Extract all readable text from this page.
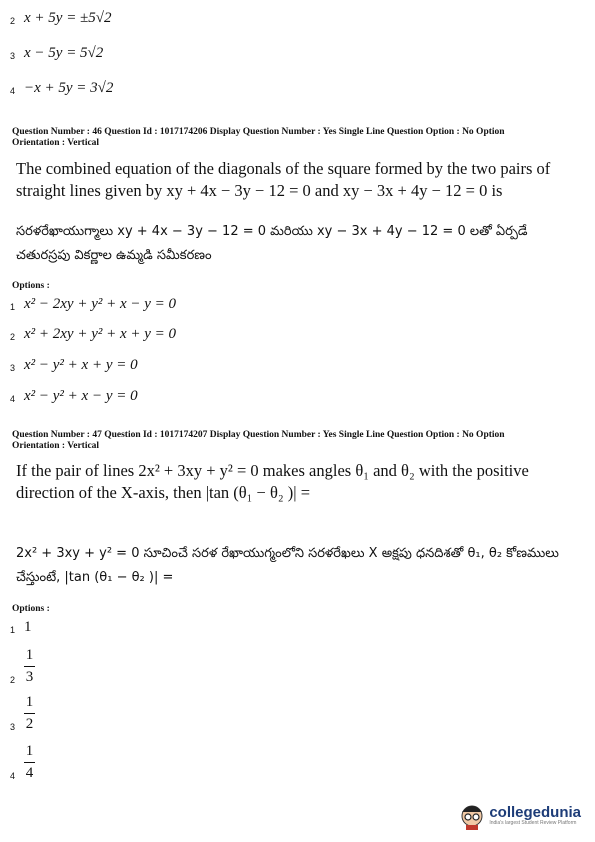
2 x + 5y = ±5√2
3 x − 5y = 5√2
4 −x + 5y = 3√2
Question Number : 46 Question Id : 1017174206 Display Question Number : Yes Single Line Question Option : No Option
Orientation : Vertical
The combined equation of the diagonals of the square formed by the two pairs of straight lines given by xy + 4x − 3y − 12 = 0 and xy − 3x + 4y − 12 = 0 is
సరళరేఖాయుగ్మాలు xy + 4x − 3y − 12 = 0 మరియు xy − 3x + 4y − 12 = 0 లతో ఏర్పడే చతురస్రపు వికర్ణాల ఉమ్మడి సమీకరణం
Options :
1 x² − 2xy + y² + x − y = 0
2 x² + 2xy + y² + x + y = 0
3 x² − y² + x + y = 0
4 x² − y² + x − y = 0
Question Number : 47 Question Id : 1017174207 Display Question Number : Yes Single Line Question Option : No Option
Orientation : Vertical
If the pair of lines 2x² + 3xy + y² = 0 makes angles θ₁ and θ₂ with the positive direction of the X-axis, then |tan (θ₁ − θ₂ )| =
2x² + 3xy + y² = 0 సూచించే సరళ రేఖాయుగ్మంలోని సరళరేఖలు X అక్షపు ధనదిశతో θ₁, θ₂ కోణములు చేస్తుంటే, |tan (θ₁ − θ₂ )| =
Options :
1 1
$2 \frac{1}{3}$
$3 \frac{1}{2}$
$4 \frac{1}{4}$
collegedunia
India's largest Student Review Platform
